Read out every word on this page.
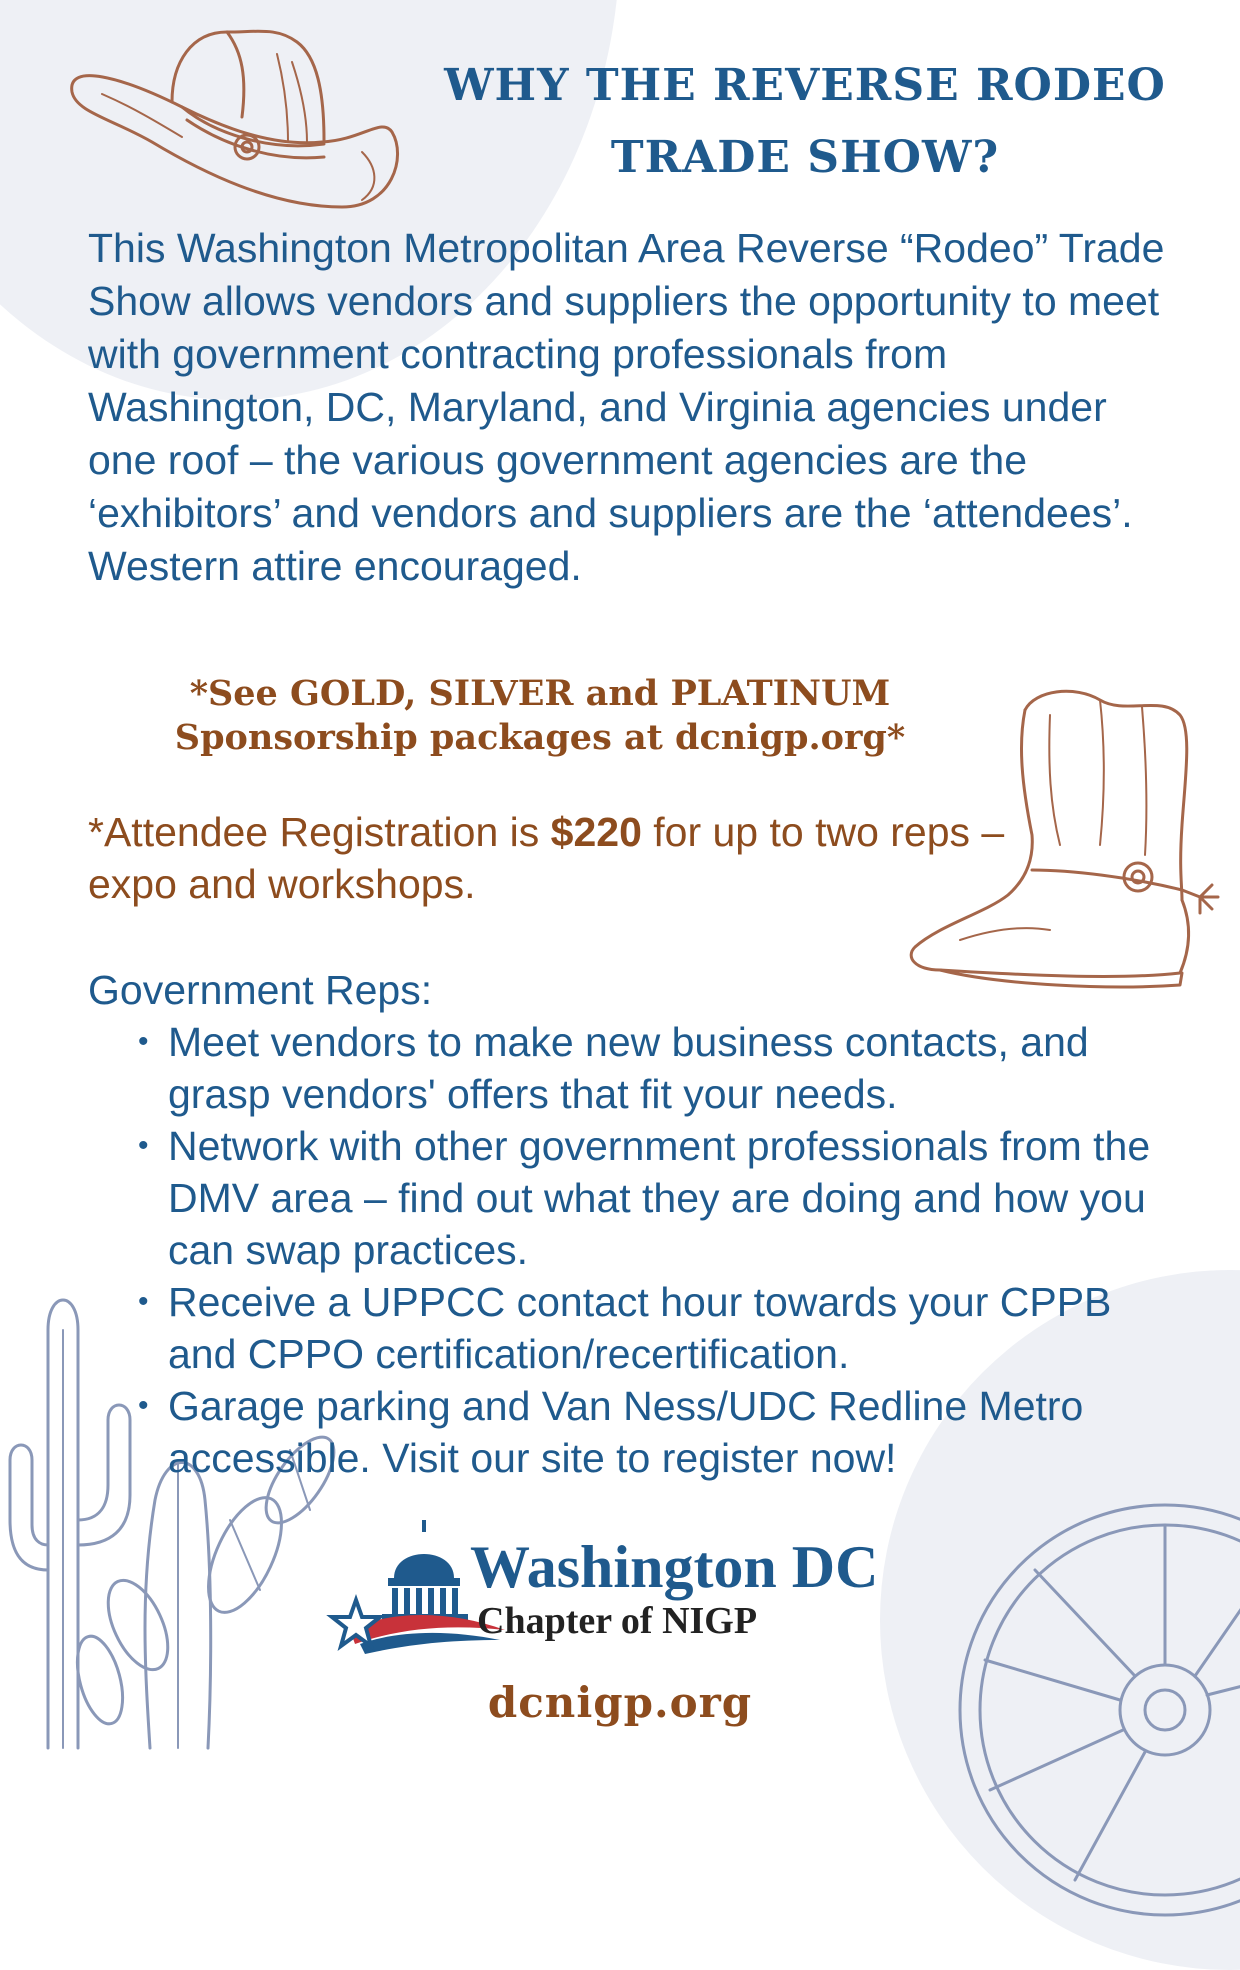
WHY THE REVERSE RODEO TRADE SHOW?

This Washington Metropolitan Area Reverse “Rodeo” Trade Show allows vendors and suppliers the opportunity to meet with government contracting professionals from Washington, DC, Maryland, and Virginia agencies under one roof – the various government agencies are the ‘exhibitors’ and vendors and suppliers are the ‘attendees’. Western attire encouraged.

*See GOLD, SILVER and PLATINUM Sponsorship packages at dcnigp.org*

*Attendee Registration is $220 for up to two reps – expo and workshops.

Government Reps:

• Meet vendors to make new business contacts, and grasp vendors' offers that fit your needs.
• Network with other government professionals from the DMV area – find out what they are doing and how you can swap practices.
• Receive a UPPCC contact hour towards your CPPB and CPPO certification/recertification.
• Garage parking and Van Ness/UDC Redline Metro accessible. Visit our site to register now!
Washington DC
Chapter of NIGP
dcnigp.org
